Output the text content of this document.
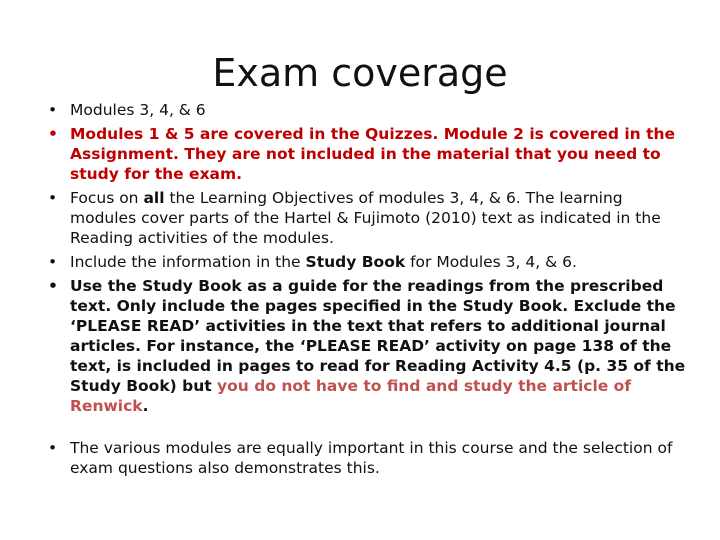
Exam coverage
• Modules 3, 4, & 6
• Modules 1 & 5 are covered in the Quizzes. Module 2 is covered in the Assignment. They are not included in the material that you need to study for the exam.
• Focus on all the Learning Objectives of modules 3, 4, & 6. The learning modules cover parts of the Hartel & Fujimoto (2010) text as indicated in the Reading activities of the modules.
• Include the information in the Study Book for Modules 3, 4, & 6.
• Use the Study Book as a guide for the readings from the prescribed text. Only include the pages specified in the Study Book. Exclude the ‘PLEASE READ’ activities in the text that refers to additional journal articles. For instance, the ‘PLEASE READ’ activity on page 138 of the text, is included in pages to read for Reading Activity 4.5 (p. 35 of the Study Book) but you do not have to find and study the article of Renwick.
• The various modules are equally important in this course and the selection of exam questions also demonstrates this.
